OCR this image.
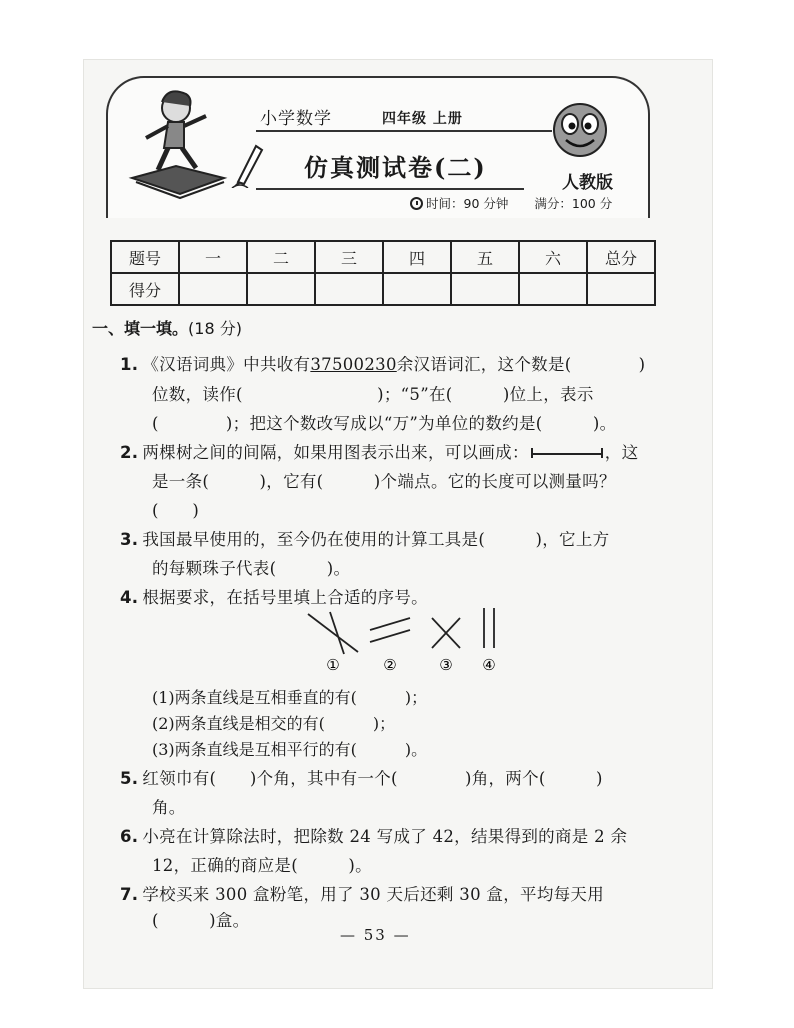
小学数学	四年级 上册
仿真测试卷(二)
人教版
时间：90 分钟 满分：100 分
题号	一	二	三	四	五	六	总分
得分							
一、填一填。(18 分)
1. 《汉语词典》中共收有37500230余汉语词汇，这个数是(　　　　)
位数，读作(　　　　　　　　)；“5”在(　　　)位上，表示
(　　　　)；把这个数改写成以“万”为单位的数约是(　　　)。
2. 两棵树之间的间隔，如果用图表示出来，可以画成：	，这
是一条(　　　)，它有(　　　)个端点。它的长度可以测量吗？
(　　)
3. 我国最早使用的，至今仍在使用的计算工具是(　　　)，它上方
的每颗珠子代表(　　　)。
4. 根据要求，在括号里填上合适的序号。
①	②	③ ④
(1)两条直线是互相垂直的有(　　　)；
(2)两条直线是相交的有(　　　)；
(3)两条直线是互相平行的有(　　　)。
5. 红领巾有(　　)个角，其中有一个(　　　　)角，两个(　　　)
角。
6. 小亮在计算除法时，把除数 24 写成了 42，结果得到的商是 2 余
12，正确的商应是(　　　)。
7. 学校买来 300 盒粉笔，用了 30 天后还剩 30 盒，平均每天用
(　　　)盒。
— 53 —
